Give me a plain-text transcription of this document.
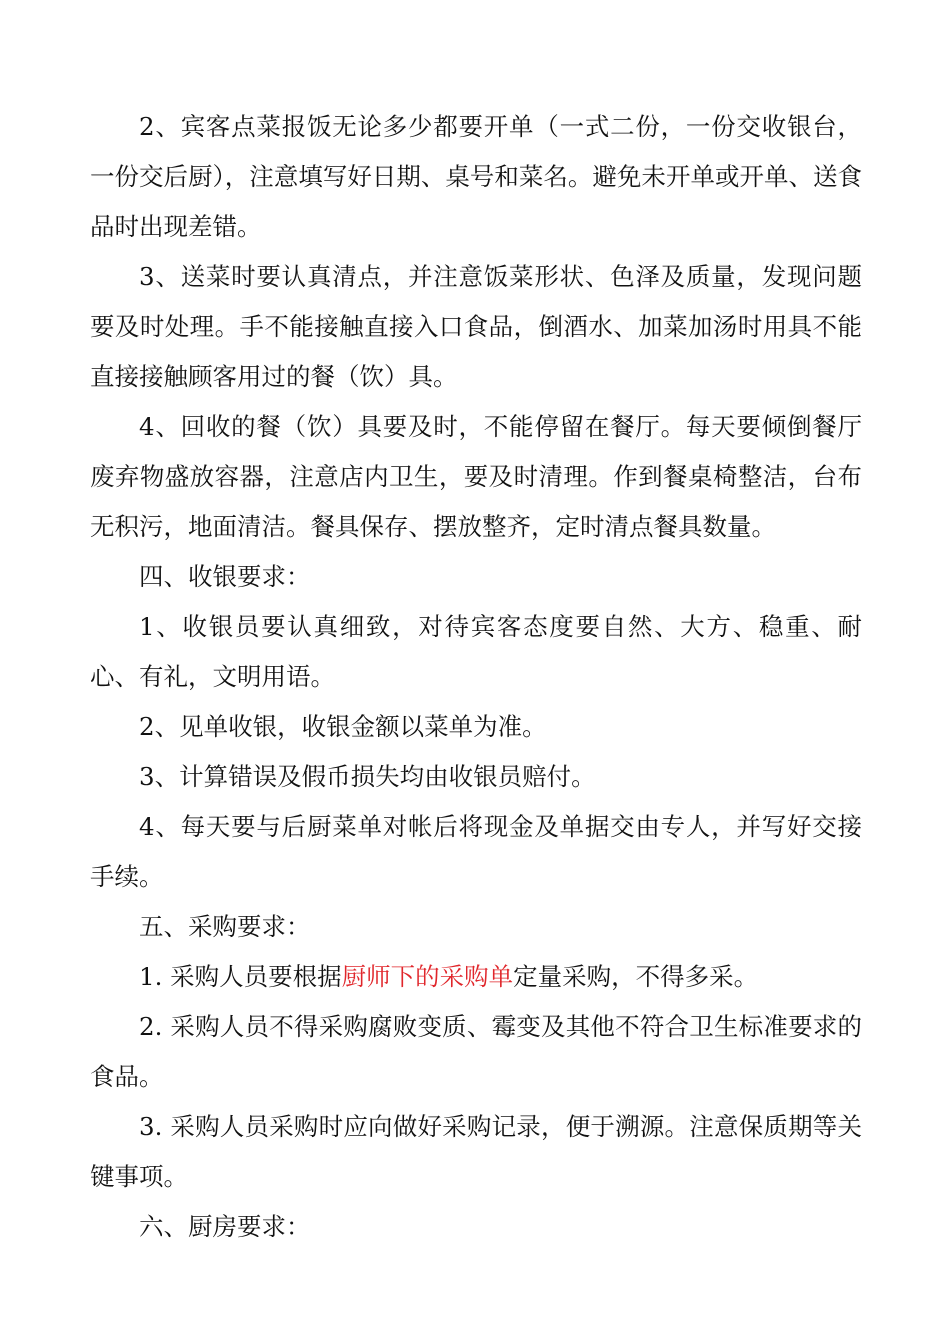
2、宾客点菜报饭无论多少都要开单（一式二份，一份交收银台，一份交后厨），注意填写好日期、桌号和菜名。避免未开单或开单、送食品时出现差错。

3、送菜时要认真清点，并注意饭菜形状、色泽及质量，发现问题要及时处理。手不能接触直接入口食品，倒酒水、加菜加汤时用具不能直接接触顾客用过的餐（饮）具。

4、回收的餐（饮）具要及时，不能停留在餐厅。每天要倾倒餐厅废弃物盛放容器，注意店内卫生，要及时清理。作到餐桌椅整洁，台布无积污，地面清洁。餐具保存、摆放整齐，定时清点餐具数量。

四、收银要求：

1、收银员要认真细致，对待宾客态度要自然、大方、稳重、耐心、有礼，文明用语。

2、见单收银，收银金额以菜单为准。

3、计算错误及假币损失均由收银员赔付。

4、每天要与后厨菜单对帐后将现金及单据交由专人，并写好交接手续。

五、采购要求：

1. 采购人员要根据厨师下的采购单定量采购，不得多采。

2. 采购人员不得采购腐败变质、霉变及其他不符合卫生标准要求的食品。

3. 采购人员采购时应向做好采购记录，便于溯源。注意保质期等关键事项。

六、厨房要求：
